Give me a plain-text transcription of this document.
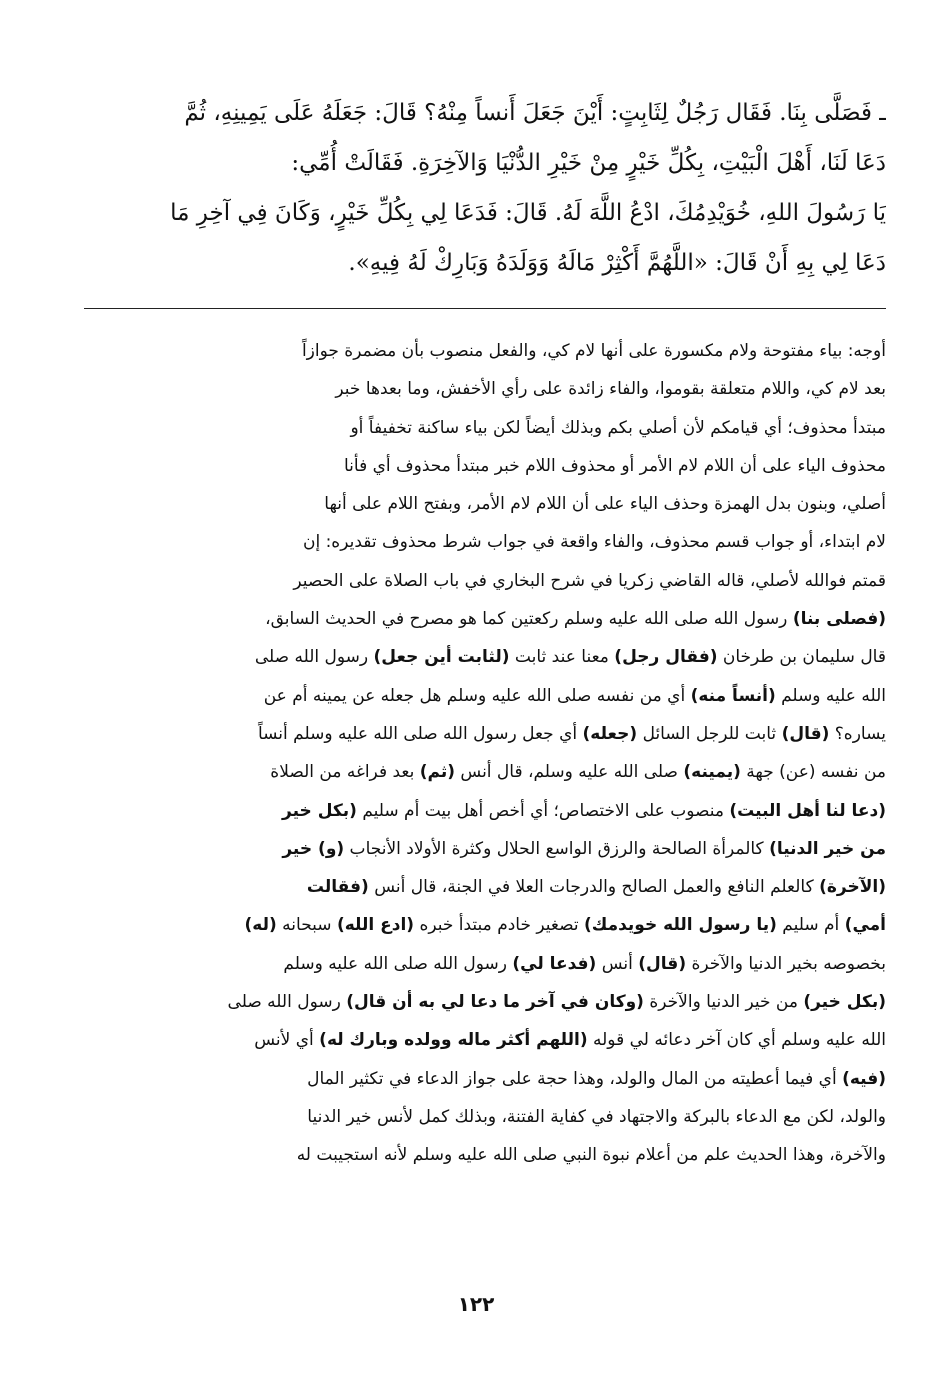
ـ فَصَلَّى بِنَا. فَقَال رَجُلٌ لِثَابِتٍ: أَيْنَ جَعَلَ أَنساً مِنْهُ؟ قَالَ: جَعَلَهُ عَلَى يَمِينِهِ، ثُمَّ
دَعَا لَنَا، أَهْلَ الْبَيْتِ، بِكُلِّ خَيْرٍ مِنْ خَيْرِ الدُّنْيَا وَالآخِرَةِ. فَقَالَتْ أُمِّي:
يَا رَسُولَ اللهِ، خُوَيْدِمُكَ، ادْعُ اللَّهَ لَهُ. قَالَ: فَدَعَا لِي بِكُلِّ خَيْرٍ، وَكَانَ فِي آخِرِ مَا
دَعَا لِي بِهِ أَنْ قَالَ: «اللَّهُمَّ أَكْثِرْ مَالَهُ وَوَلَدَهُ وَبَارِكْ لَهُ فِيهِ».
أوجه: بياء مفتوحة ولام مكسورة على أنها لام كي، والفعل منصوب بأن مضمرة جوازاً
بعد لام كي، واللام متعلقة بقوموا، والفاء زائدة على رأي الأخفش، وما بعدها خبر
مبتدأ محذوف؛ أي قيامكم لأن أصلي بكم وبذلك أيضاً لكن بياء ساكنة تخفيفاً أو
محذوف الياء على أن اللام لام الأمر أو محذوف اللام خبر مبتدأ محذوف أي فأنا
أصلي، وبنون بدل الهمزة وحذف الياء على أن اللام لام الأمر، وبفتح اللام على أنها
لام ابتداء، أو جواب قسم محذوف، والفاء واقعة في جواب شرط محذوف تقديره: إن
قمتم فوالله لأصلي، قاله القاضي زكريا في شرح البخاري في باب الصلاة على الحصير
(فصلى بنا) رسول الله صلى الله عليه وسلم ركعتين كما هو مصرح في الحديث السابق،
قال سليمان بن طرخان (فقال رجل) معنا عند ثابت (لثابت أين جعل) رسول الله صلى
الله عليه وسلم (أنساً منه) أي من نفسه صلى الله عليه وسلم هل جعله عن يمينه أم عن
يساره؟ (قال) ثابت للرجل السائل (جعله) أي جعل رسول الله صلى الله عليه وسلم أنساً
من نفسه (عن) جهة (يمينه) صلى الله عليه وسلم، قال أنس (ثم) بعد فراغه من الصلاة
(دعا لنا أهل البيت) منصوب على الاختصاص؛ أي أخص أهل بيت أم سليم (بكل خير
من خير الدنيا) كالمرأة الصالحة والرزق الواسع الحلال وكثرة الأولاد الأنجاب (و) خير
(الآخرة) كالعلم النافع والعمل الصالح والدرجات العلا في الجنة، قال أنس (فقالت
أمي) أم سليم (يا رسول الله خويدمك) تصغير خادم مبتدأ خبره (ادع الله) سبحانه (له)
بخصوصه بخير الدنيا والآخرة (قال) أنس (فدعا لي) رسول الله صلى الله عليه وسلم
(بكل خير) من خير الدنيا والآخرة (وكان في آخر ما دعا لي به أن قال) رسول الله صلى
الله عليه وسلم أي كان آخر دعائه لي قوله (اللهم أكثر ماله وولده وبارك له) أي لأنس
(فيه) أي فيما أعطيته من المال والولد، وهذا حجة على جواز الدعاء في تكثير المال
والولد، لكن مع الدعاء بالبركة والاجتهاد في كفاية الفتنة، وبذلك كمل لأنس خير الدنيا
والآخرة، وهذا الحديث علم من أعلام نبوة النبي صلى الله عليه وسلم لأنه استجيبت له
١٢٢
